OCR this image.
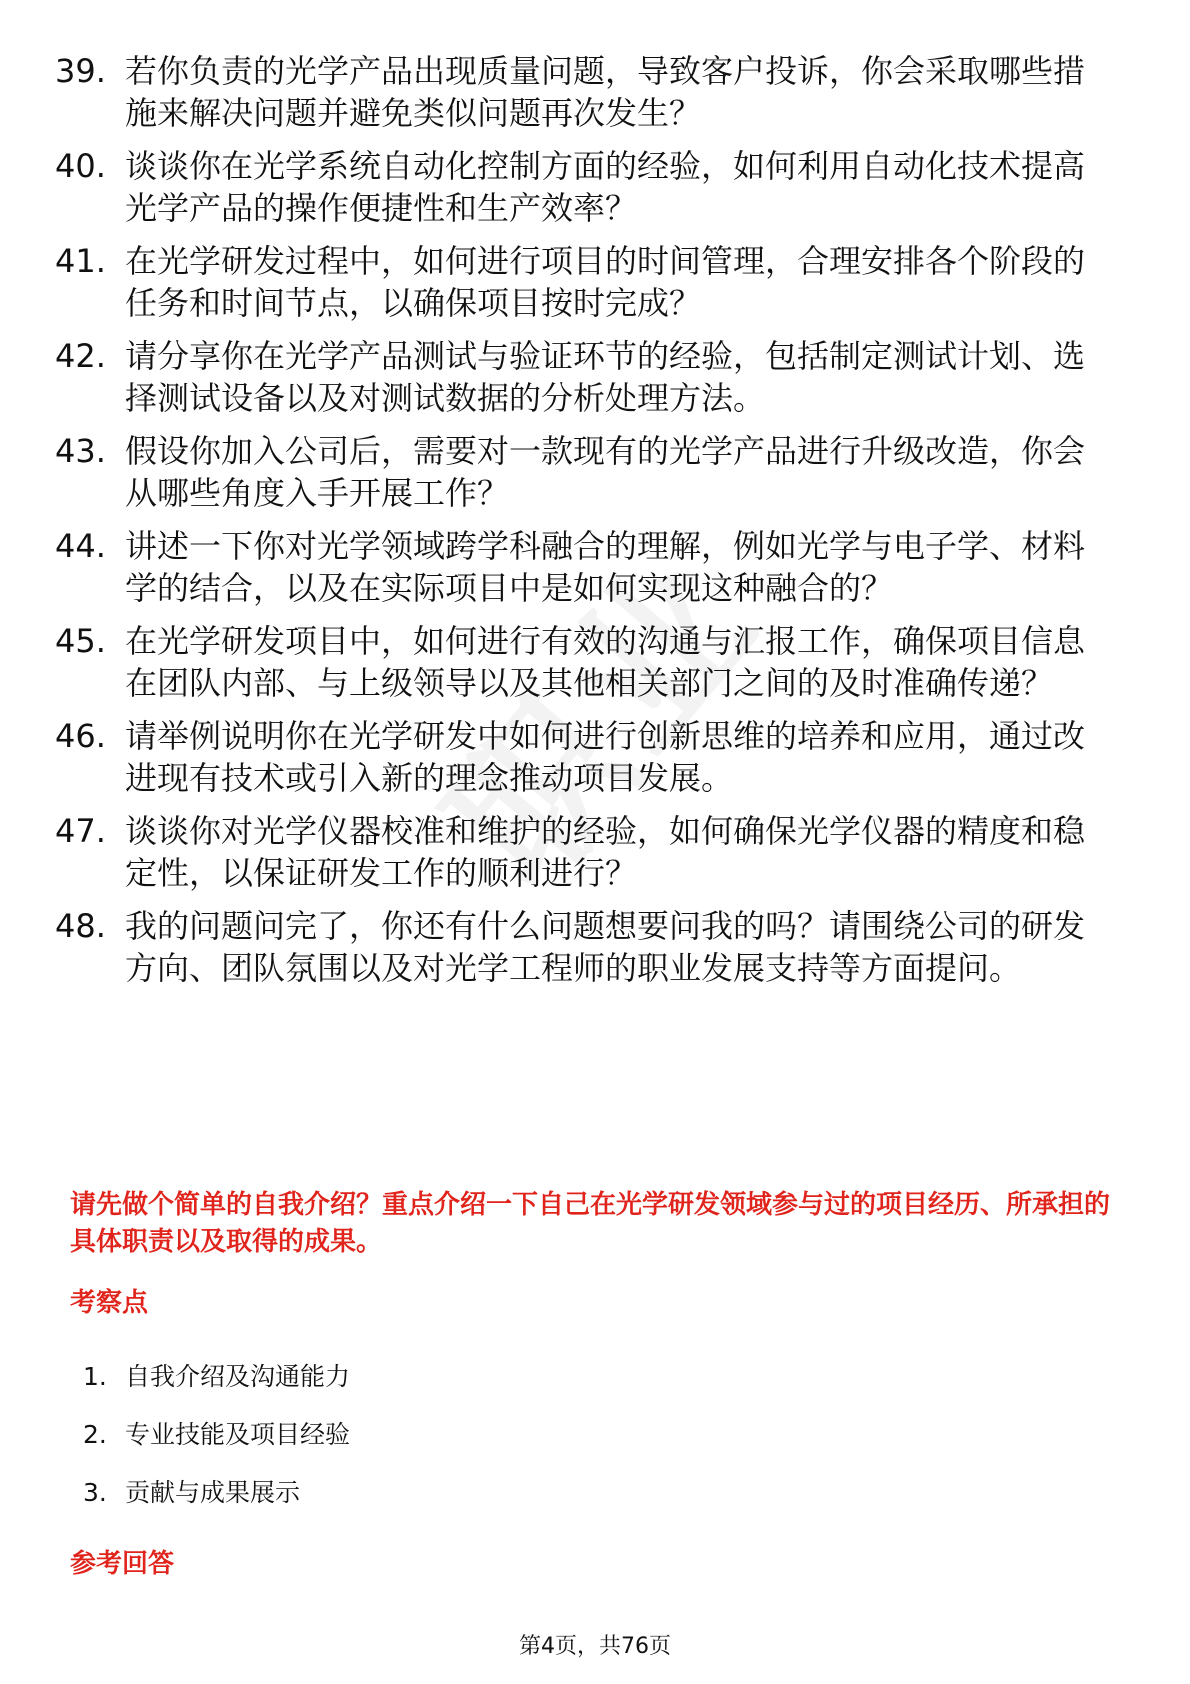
39. 若你负责的光学产品出现质量问题，导致客户投诉，你会采取哪些措施来解决问题并避免类似问题再次发生？
40. 谈谈你在光学系统自动化控制方面的经验，如何利用自动化技术提高光学产品的操作便捷性和生产效率？
41. 在光学研发过程中，如何进行项目的时间管理，合理安排各个阶段的任务和时间节点，以确保项目按时完成？
42. 请分享你在光学产品测试与验证环节的经验，包括制定测试计划、选择测试设备以及对测试数据的分析处理方法。
43. 假设你加入公司后，需要对一款现有的光学产品进行升级改造，你会从哪些角度入手开展工作？
44. 讲述一下你对光学领域跨学科融合的理解，例如光学与电子学、材料学的结合，以及在实际项目中是如何实现这种融合的？
45. 在光学研发项目中，如何进行有效的沟通与汇报工作，确保项目信息在团队内部、与上级领导以及其他相关部门之间的及时准确传递？
46. 请举例说明你在光学研发中如何进行创新思维的培养和应用，通过改进现有技术或引入新的理念推动项目发展。
47. 谈谈你对光学仪器校准和维护的经验，如何确保光学仪器的精度和稳定性，以保证研发工作的顺利进行？
48. 我的问题问完了，你还有什么问题想要问我的吗？请围绕公司的研发方向、团队氛围以及对光学工程师的职业发展支持等方面提问。
请先做个简单的自我介绍？重点介绍一下自己在光学研发领域参与过的项目经历、所承担的具体职责以及取得的成果。
考察点
1. 自我介绍及沟通能力
2. 专业技能及项目经验
3. 贡献与成果展示
参考回答
第4页，共76页
